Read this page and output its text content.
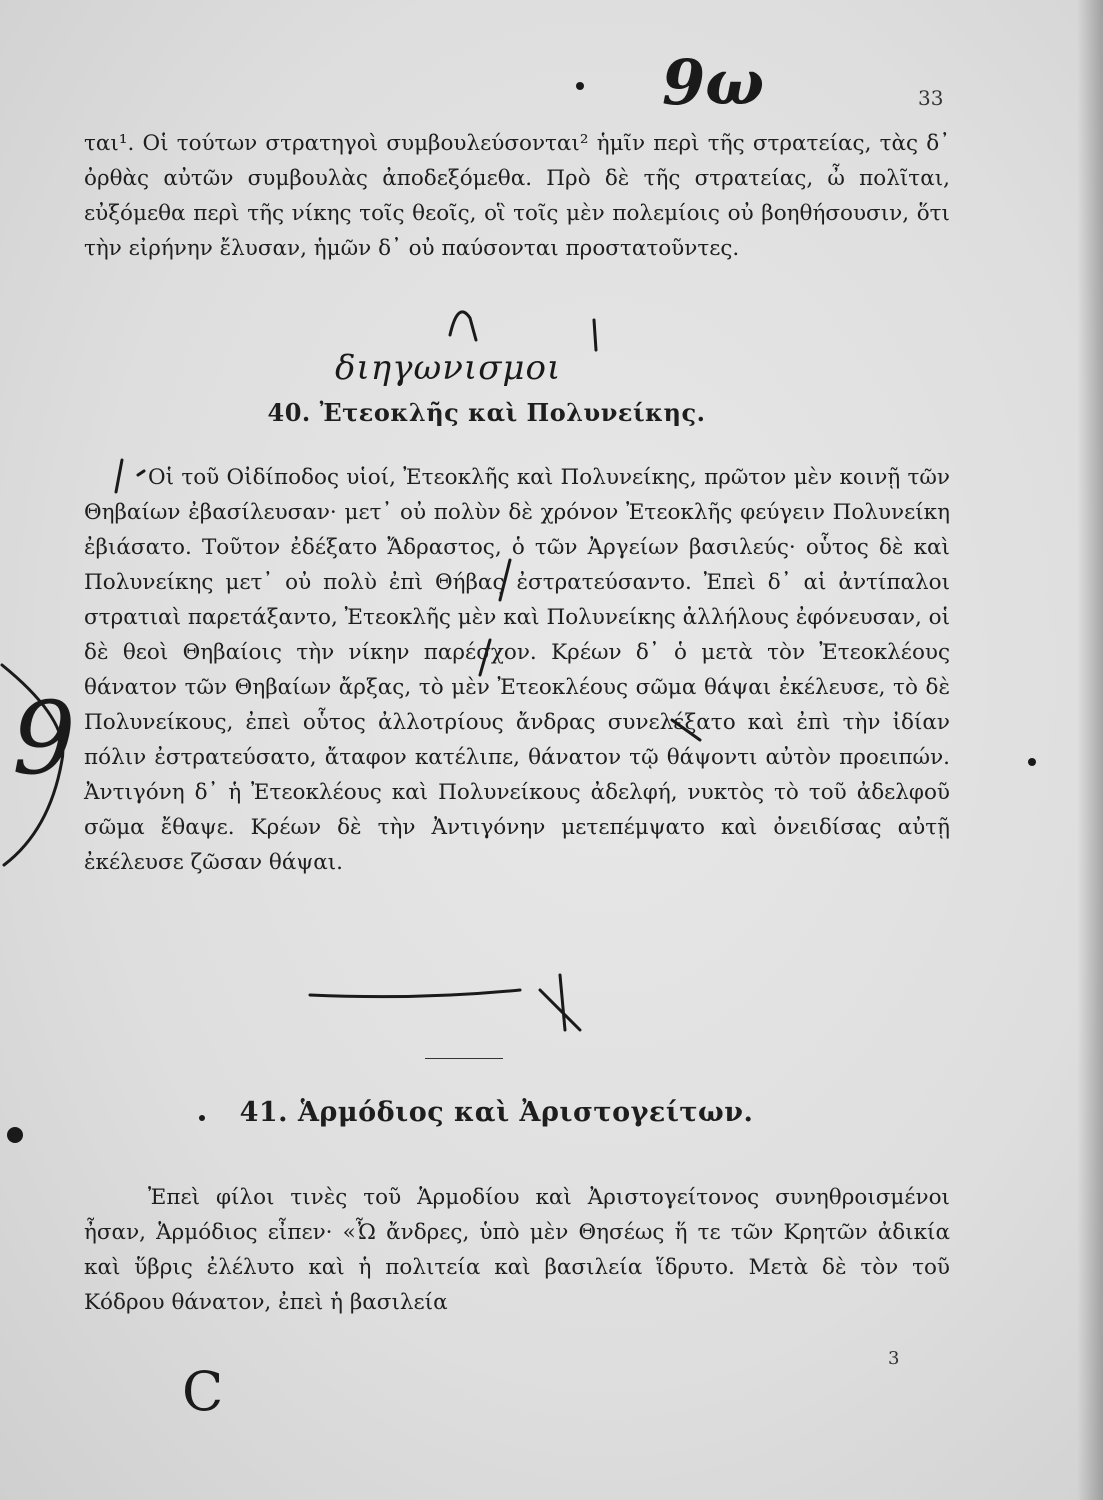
33

ται¹. Οἱ τούτων στρατηγοὶ συμβουλεύσονται² ἡμῖν περὶ τῆς στρατείας, τὰς δ᾽ ὀρθὰς αὐτῶν συμβουλὰς ἀποδεξόμεθα. Πρὸ δὲ τῆς στρατείας, ὦ πολῖται, εὐξόμεθα περὶ τῆς νίκης τοῖς θεοῖς, οἳ τοῖς μὲν πολεμίοις οὐ βοηθήσουσιν, ὅτι τὴν εἰρήνην ἔλυσαν, ἡμῶν δ᾽ οὐ παύσονται προστατοῦντες.

40. Ἐτεοκλῆς καὶ Πολυνείκης.

Οἱ τοῦ Οἰδίποδος υἱοί, Ἐτεοκλῆς καὶ Πολυνείκης, πρῶτον μὲν κοινῇ τῶν Θηβαίων ἐβασίλευσαν· μετ᾽ οὐ πολὺν δὲ χρόνον Ἐτεοκλῆς φεύγειν Πολυνείκη ἐβιάσατο. Τοῦτον ἐδέξατο Ἄδραστος, ὁ τῶν Ἀργείων βασιλεύς· οὗτος δὲ καὶ Πολυνείκης μετ᾽ οὐ πολὺ ἐπὶ Θήβας ἐστρατεύσαντο. Ἐπεὶ δ᾽ αἱ ἀντίπαλοι στρατιαὶ παρετάξαντο, Ἐτεοκλῆς μὲν καὶ Πολυνείκης ἀλλήλους ἐφόνευσαν, οἱ δὲ θεοὶ Θηβαίοις τὴν νίκην παρέσχον. Κρέων δ᾽ ὁ μετὰ τὸν Ἐτεοκλέους θάνατον τῶν Θηβαίων ἄρξας, τὸ μὲν Ἐτεοκλέους σῶμα θάψαι ἐκέλευσε, τὸ δὲ Πολυνείκους, ἐπεὶ οὗτος ἀλλοτρίους ἄνδρας συνελέξατο καὶ ἐπὶ τὴν ἰδίαν πόλιν ἐστρατεύσατο, ἄταφον κατέλιπε, θάνατον τῷ θάψοντι αὐτὸν προειπών. Ἀντιγόνη δ᾽ ἡ Ἐτεοκλέους καὶ Πολυνείκους ἀδελφή, νυκτὸς τὸ τοῦ ἀδελφοῦ σῶμα ἔθαψε. Κρέων δὲ τὴν Ἀντιγόνην μετεπέμψατο καὶ ὀνειδίσας αὐτῇ ἐκέλευσε ζῶσαν θάψαι.

41. Ἁρμόδιος καὶ Ἀριστογείτων.

Ἐπεὶ φίλοι τινὲς τοῦ Ἁρμοδίου καὶ Ἀριστογείτονος συνηθροισμένοι ἦσαν, Ἁρμόδιος εἶπεν· «Ὦ ἄνδρες, ὑπὸ μὲν Θησέως ἥ τε τῶν Κρητῶν ἀδικία καὶ ὕβρις ἐλέλυτο καὶ ἡ πολιτεία καὶ βασιλεία ἵδρυτο. Μετὰ δὲ τὸν τοῦ Κόδρου θάνατον, ἐπεὶ ἡ βασιλεία

3
9ω
διηγωνισμοι
9
C
